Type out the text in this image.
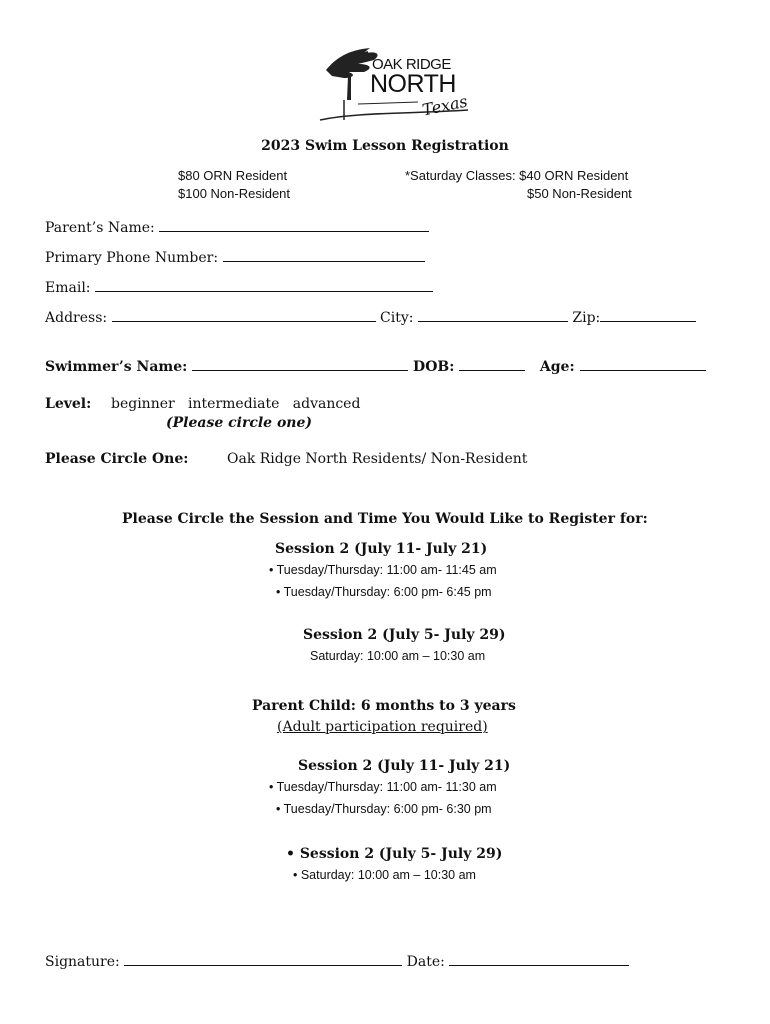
OAK RIDGE
NORTH
Texas
2023 Swim Lesson Registration
$80 ORN Resident
$100 Non-Resident
*Saturday Classes: $40 ORN Resident
$50 Non-Resident
Parent’s Name:
Primary Phone Number:
Email:
Address:	City:	Zip:
Swimmer’s Name:	DOB:	Age:
Level: beginner   intermediate   advanced
(Please circle one)
Please Circle One:	Oak Ridge North Residents/ Non-Resident
Please Circle the Session and Time You Would Like to Register for:
Session 2 (July 11- July 21)
• Tuesday/Thursday: 11:00 am- 11:45 am
• Tuesday/Thursday: 6:00 pm- 6:45 pm
Session 2 (July 5- July 29)
Saturday: 10:00 am – 10:30 am
Parent Child: 6 months to 3 years
(Adult participation required)
Session 2 (July 11- July 21)
• Tuesday/Thursday: 11:00 am- 11:30 am
• Tuesday/Thursday: 6:00 pm- 6:30 pm
• Session 2 (July 5- July 29)
• Saturday: 10:00 am – 10:30 am
Signature:	Date:
